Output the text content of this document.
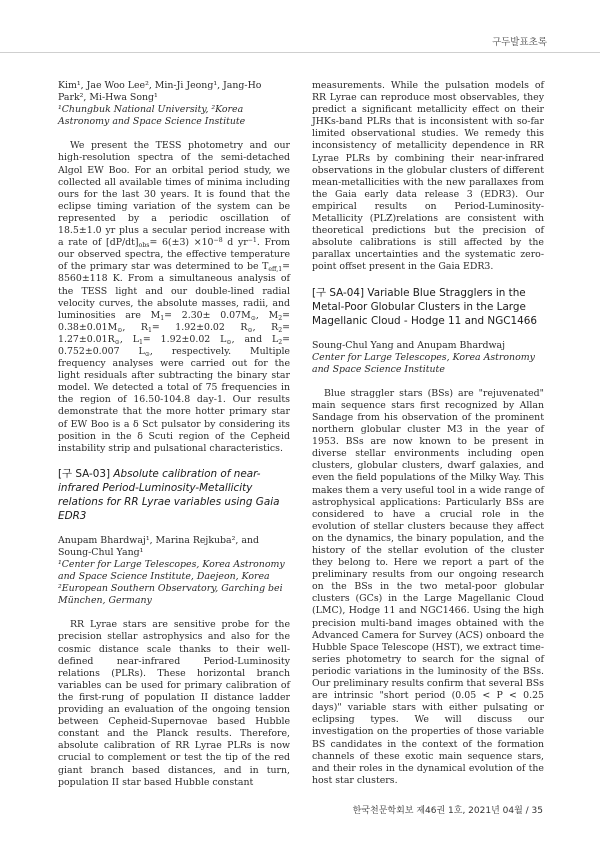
구두발표초록

Kim¹, Jae Woo Lee², Min-Ji Jeong¹, Jang-Ho Park², Mi-Hwa Song¹

¹Chungbuk National University, ²Korea Astronomy and Space Science Institute

We present the TESS photometry and our high-resolution spectra of the semi-detached Algol EW Boo. For an orbital period study, we collected all available times of minima including ours for the last 30 years. It is found that the eclipse timing variation of the system can be represented by a periodic oscillation of 18.5±1.0 yr plus a secular period increase with a rate of $[dP/dt]_{obs}= 6(\pm 3) \times 10^{-8}$ d $yr^{-1}$. From our observed spectra, the effective temperature of the primary star was determined to be $T_{eff,1}= 8560\pm 118$ K. From a simultaneous analysis of the TESS light and our double-lined radial velocity curves, the absolute masses, radii, and luminosities are $M_1= 2.30\pm 0.07M_⊙$, $M_2= 0.38\pm 0.01M_⊙$, $R_1= 1.92\pm 0.02$ $R_⊙$, $R_2= 1.27\pm 0.01R_⊙$, $L_1= 1.92\pm 0.02$ $L_⊙$, and $L_2= 0.752\pm 0.007$ $L_⊙$, respectively. Multiple frequency analyses were carried out for the light residuals after subtracting the binary star model. We detected a total of 75 frequencies in the region of 16.50-104.8 day-1. Our results demonstrate that the more hotter primary star of EW Boo is a δ Sct pulsator by considering its position in the δ Scuti region of the Cepheid instability strip and pulsational characteristics.

[구 SA-03] Absolute calibration of near-infrared Period-Luminosity-Metallicity relations for RR Lyrae variables using Gaia EDR3

Anupam Bhardwaj¹, Marina Rejkuba², and Soung-Chul Yang¹

¹Center for Large Telescopes, Korea Astronomy and Space Science Institute, Daejeon, Korea

²European Southern Observatory, Garching bei München, Germany

RR Lyrae stars are sensitive probe for the precision stellar astrophysics and also for the cosmic distance scale thanks to their well-defined near-infrared Period-Luminosity relations (PLRs). These horizontal branch variables can be used for primary calibration of the first-rung of population II distance ladder providing an evaluation of the ongoing tension between Cepheid-Supernovae based Hubble constant and the Planck results. Therefore, absolute calibration of RR Lyrae PLRs is now crucial to complement or test the tip of the red giant branch based distances, and in turn, population II star based Hubble constant

measurements. While the pulsation models of RR Lyrae can reproduce most observables, they predict a significant metallicity effect on their JHKs-band PLRs that is inconsistent with so-far limited observational studies. We remedy this inconsistency of metallicity dependence in RR Lyrae PLRs by combining their near-infrared observations in the globular clusters of different mean-metallicities with the new parallaxes from the Gaia early data release 3 (EDR3). Our empirical results on Period-Luminosity-Metallicity (PLZ)relations are consistent with theoretical predictions but the precision of absolute calibrations is still affected by the parallax uncertainties and the systematic zero-point offset present in the Gaia EDR3.

[구 SA-04] Variable Blue Stragglers in the Metal-Poor Globular Clusters in the Large Magellanic Cloud - Hodge 11 and NGC1466

Soung-Chul Yang and Anupam Bhardwaj

Center for Large Telescopes, Korea Astronomy and Space Science Institute

Blue straggler stars (BSs) are "rejuvenated" main sequence stars first recognized by Allan Sandage from his observation of the prominent northern globular cluster M3 in the year of 1953. BSs are now known to be present in diverse stellar environments including open clusters, globular clusters, dwarf galaxies, and even the field populations of the Milky Way. This makes them a very useful tool in a wide range of astrophysical applications: Particularly BSs are considered to have a crucial role in the evolution of stellar clusters because they affect on the dynamics, the binary population, and the history of the stellar evolution of the cluster they belong to. Here we report a part of the preliminary results from our ongoing research on the BSs in the two metal-poor globular clusters (GCs) in the Large Magellanic Cloud (LMC), Hodge 11 and NGC1466. Using the high precision multi-band images obtained with the Advanced Camera for Survey (ACS) onboard the Hubble Space Telescope (HST), we extract time-series photometry to search for the signal of periodic variations in the luminosity of the BSs. Our preliminary results confirm that several BSs are intrinsic "short period (0.05 < P < 0.25 days)" variable stars with either pulsating or eclipsing types. We will discuss our investigation on the properties of those variable BS candidates in the context of the formation channels of these exotic main sequence stars, and their roles in the dynamical evolution of the host star clusters.

한국천문학회보 제46권 1호, 2021년 04월 / 35
